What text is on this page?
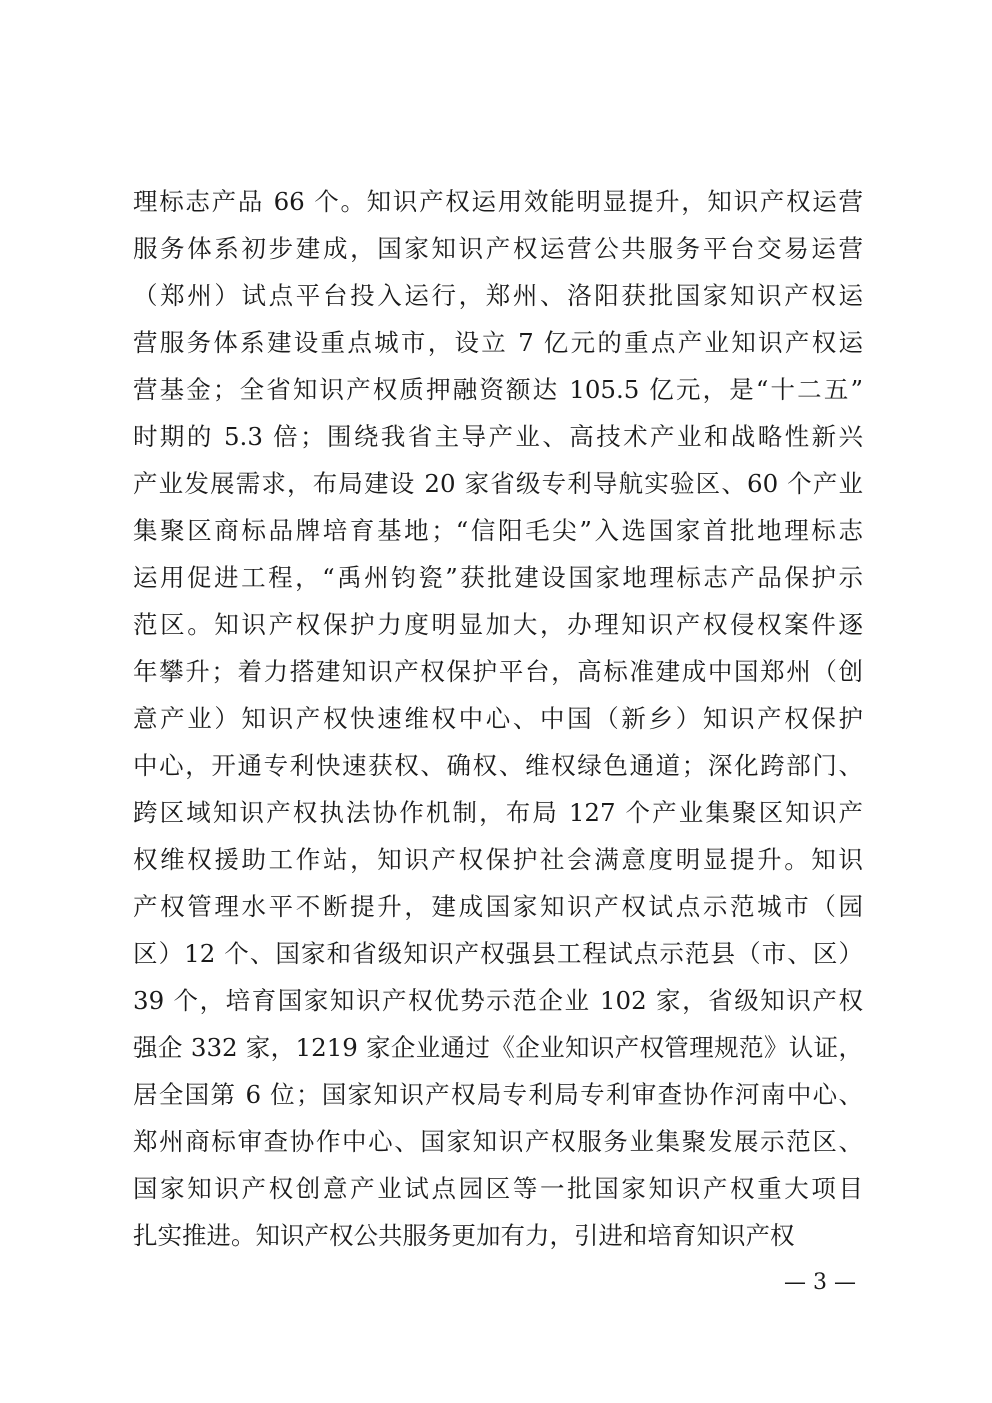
理标志产品 66 个。知识产权运用效能明显提升，知识产权运营
服务体系初步建成，国家知识产权运营公共服务平台交易运营
（郑州）试点平台投入运行，郑州、洛阳获批国家知识产权运
营服务体系建设重点城市，设立 7 亿元的重点产业知识产权运
营基金；全省知识产权质押融资额达 105.5 亿元，是“十二五”
时期的 5.3 倍；围绕我省主导产业、高技术产业和战略性新兴
产业发展需求，布局建设 20 家省级专利导航实验区、60 个产业
集聚区商标品牌培育基地；“信阳毛尖”入选国家首批地理标志
运用促进工程，“禹州钧瓷”获批建设国家地理标志产品保护示
范区。知识产权保护力度明显加大，办理知识产权侵权案件逐
年攀升；着力搭建知识产权保护平台，高标准建成中国郑州（创
意产业）知识产权快速维权中心、中国（新乡）知识产权保护
中心，开通专利快速获权、确权、维权绿色通道；深化跨部门、
跨区域知识产权执法协作机制，布局 127 个产业集聚区知识产
权维权援助工作站，知识产权保护社会满意度明显提升。知识
产权管理水平不断提升，建成国家知识产权试点示范城市（园
区）12 个、国家和省级知识产权强县工程试点示范县（市、区）
39 个，培育国家知识产权优势示范企业 102 家，省级知识产权
强企 332 家，1219 家企业通过《企业知识产权管理规范》认证，
居全国第 6 位；国家知识产权局专利局专利审查协作河南中心、
郑州商标审查协作中心、国家知识产权服务业集聚发展示范区、
国家知识产权创意产业试点园区等一批国家知识产权重大项目
扎实推进。知识产权公共服务更加有力，引进和培育知识产权
— 3 —
